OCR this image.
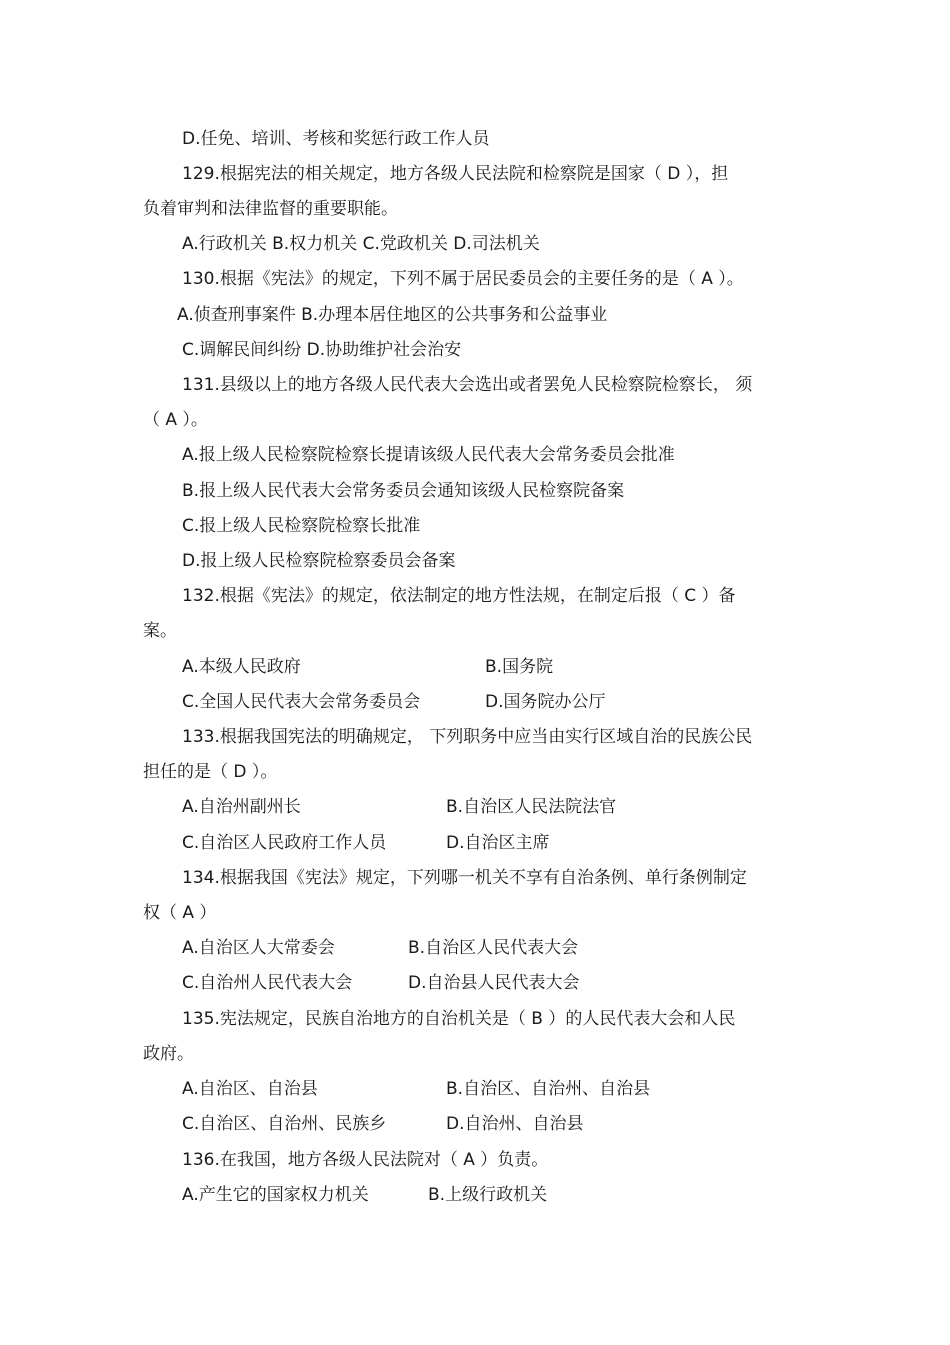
D.任免、培训、考核和奖惩行政工作人员
129.根据宪法的相关规定，地方各级人民法院和检察院是国家（ D ），担
负着审判和法律监督的重要职能。
A.行政机关 B.权力机关 C.党政机关 D.司法机关
130.根据《宪法》的规定，下列不属于居民委员会的主要任务的是（ A ）。
A.侦查刑事案件 B.办理本居住地区的公共事务和公益事业
C.调解民间纠纷 D.协助维护社会治安
131.县级以上的地方各级人民代表大会选出或者罢免人民检察院检察长， 须
（ A ）。
A.报上级人民检察院检察长提请该级人民代表大会常务委员会批准
B.报上级人民代表大会常务委员会通知该级人民检察院备案
C.报上级人民检察院检察长批准
D.报上级人民检察院检察委员会备案
132.根据《宪法》的规定，依法制定的地方性法规，在制定后报（ C ）备
案。
A.本级人民政府	B.国务院
C.全国人民代表大会常务委员会	D.国务院办公厅
133.根据我国宪法的明确规定， 下列职务中应当由实行区域自治的民族公民
担任的是（ D ）。
A.自治州副州长	B.自治区人民法院法官
C.自治区人民政府工作人员	D.自治区主席
134.根据我国《宪法》规定，下列哪一机关不享有自治条例、单行条例制定
权（ A ）
A.自治区人大常委会	B.自治区人民代表大会
C.自治州人民代表大会	D.自治县人民代表大会
135.宪法规定，民族自治地方的自治机关是（ B ）的人民代表大会和人民
政府。
A.自治区、自治县	B.自治区、自治州、自治县
C.自治区、自治州、民族乡	D.自治州、自治县
136.在我国，地方各级人民法院对（ A ）负责。
A.产生它的国家权力机关	B.上级行政机关
